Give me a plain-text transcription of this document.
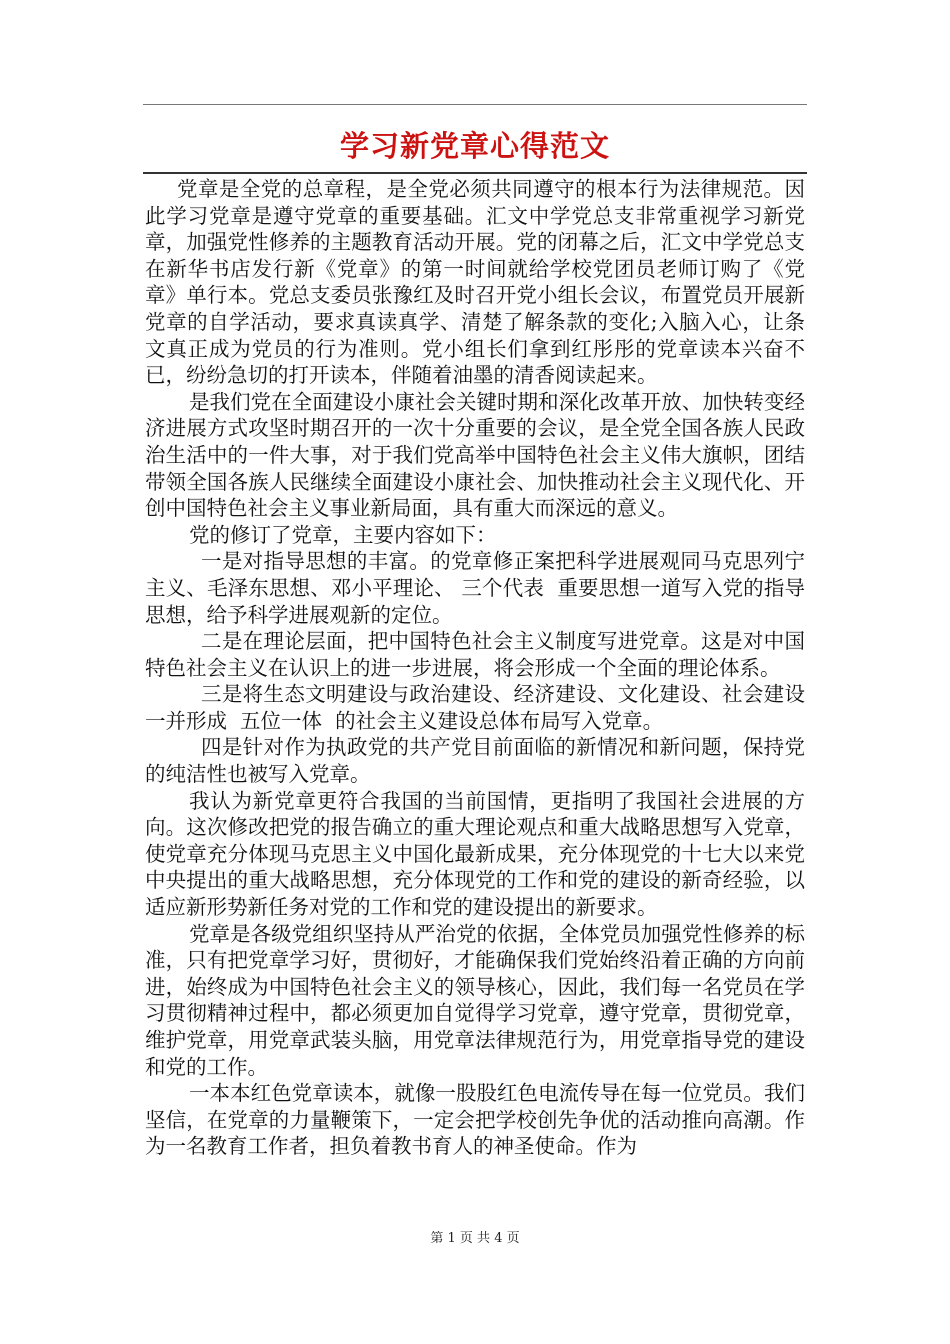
学习新党章心得范文

党章是全党的总章程，是全党必须共同遵守的根本行为法律规范。因此学习党章是遵守党章的重要基础。汇文中学党总支非常重视学习新党章，加强党性修养的主题教育活动开展。党的闭幕之后，汇文中学党总支在新华书店发行新《党章》的第一时间就给学校党团员老师订购了《党章》单行本。党总支委员张豫红及时召开党小组长会议，布置党员开展新党章的自学活动，要求真读真学、清楚了解条款的变化;入脑入心，让条文真正成为党员的行为准则。党小组长们拿到红彤彤的党章读本兴奋不已，纷纷急切的打开读本，伴随着油墨的清香阅读起来。

是我们党在全面建设小康社会关键时期和深化改革开放、加快转变经济进展方式攻坚时期召开的一次十分重要的会议，是全党全国各族人民政治生活中的一件大事，对于我们党高举中国特色社会主义伟大旗帜，团结带领全国各族人民继续全面建设小康社会、加快推动社会主义现代化、开创中国特色社会主义事业新局面，具有重大而深远的意义。

党的修订了党章，主要内容如下：

一是对指导思想的丰富。的党章修正案把科学进展观同马克思列宁主义、毛泽东思想、邓小平理论、 三个代表  重要思想一道写入党的指导思想，给予科学进展观新的定位。

二是在理论层面，把中国特色社会主义制度写进党章。这是对中国特色社会主义在认识上的进一步进展，将会形成一个全面的理论体系。

三是将生态文明建设与政治建设、经济建设、文化建设、社会建设一并形成  五位一体  的社会主义建设总体布局写入党章。

四是针对作为执政党的共产党目前面临的新情况和新问题，保持党的纯洁性也被写入党章。

我认为新党章更符合我国的当前国情，更指明了我国社会进展的方向。这次修改把党的报告确立的重大理论观点和重大战略思想写入党章，使党章充分体现马克思主义中国化最新成果，充分体现党的十七大以来党中央提出的重大战略思想，充分体现党的工作和党的建设的新奇经验，以适应新形势新任务对党的工作和党的建设提出的新要求。

党章是各级党组织坚持从严治党的依据，全体党员加强党性修养的标准，只有把党章学习好，贯彻好，才能确保我们党始终沿着正确的方向前进，始终成为中国特色社会主义的领导核心，因此，我们每一名党员在学习贯彻精神过程中，都必须更加自觉得学习党章，遵守党章，贯彻党章，维护党章，用党章武装头脑，用党章法律规范行为，用党章指导党的建设和党的工作。

一本本红色党章读本，就像一股股红色电流传导在每一位党员。我们坚信，在党章的力量鞭策下，一定会把学校创先争优的活动推向高潮。作为一名教育工作者，担负着教书育人的神圣使命。作为

第 1 页 共 4 页
